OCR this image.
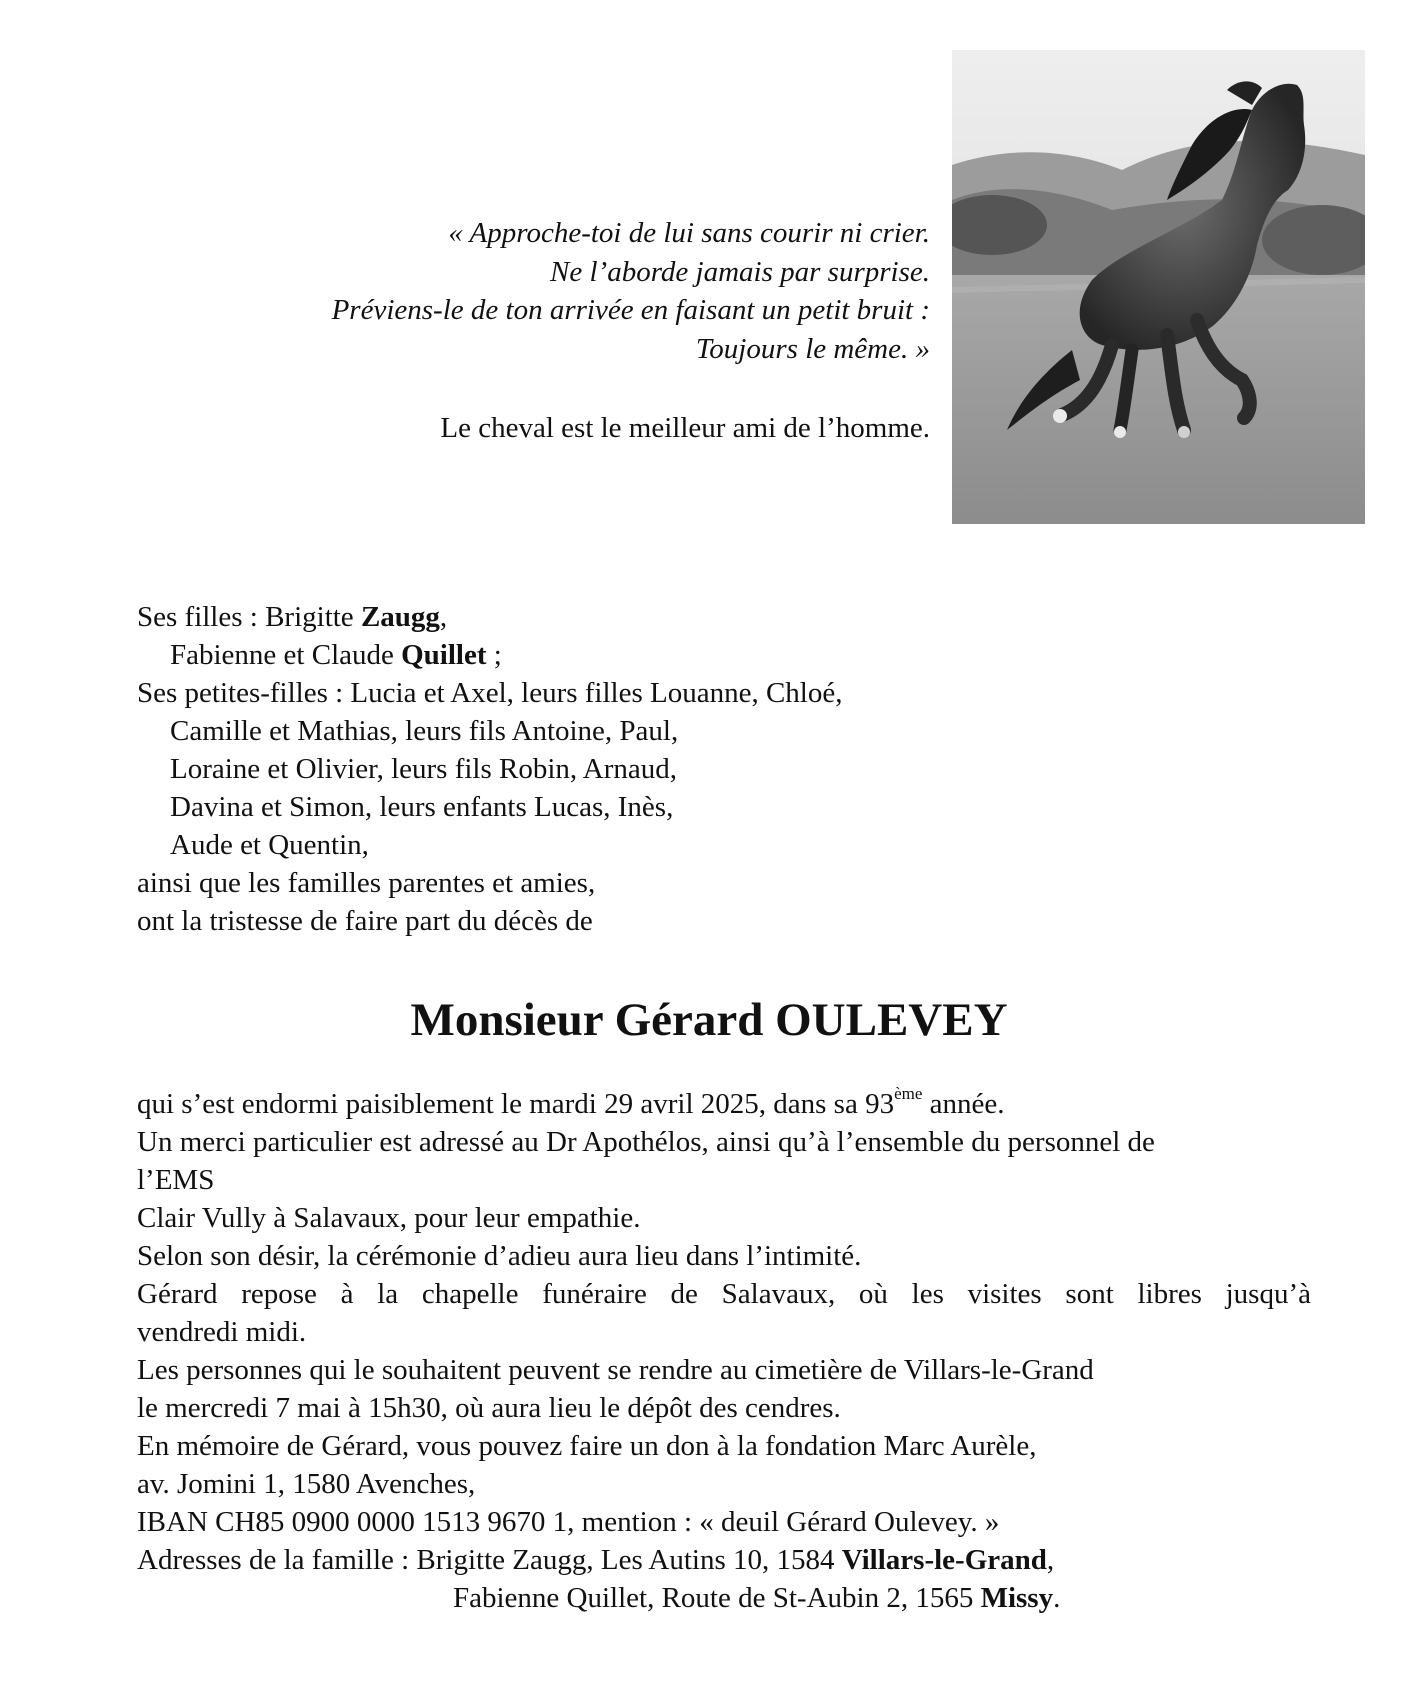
« Approche-toi de lui sans courir ni crier.
Ne l’aborde jamais par surprise.
Préviens-le de ton arrivée en faisant un petit bruit :
Toujours le même. »
Le cheval est le meilleur ami de l’homme.
Ses filles : Brigitte Zaugg,
Fabienne et Claude Quillet ;
Ses petites-filles : Lucia et Axel, leurs filles Louanne, Chloé,
Camille et Mathias, leurs fils Antoine, Paul,
Loraine et Olivier, leurs fils Robin, Arnaud,
Davina et Simon, leurs enfants Lucas, Inès,
Aude et Quentin,
ainsi que les familles parentes et amies,
ont la tristesse de faire part du décès de
Monsieur Gérard OULEVEY
qui s’est endormi paisiblement le mardi 29 avril 2025, dans sa 93ème année.
Un merci particulier est adressé au Dr Apothélos, ainsi qu’à l’ensemble du personnel de
l’EMS
Clair Vully à Salavaux, pour leur empathie.
Selon son désir, la cérémonie d’adieu aura lieu dans l’intimité.
Gérard repose à la chapelle funéraire de Salavaux, où les visites sont libres jusqu’à
vendredi midi.
Les personnes qui le souhaitent peuvent se rendre au cimetière de Villars-le-Grand
le mercredi 7 mai à 15h30, où aura lieu le dépôt des cendres.
En mémoire de Gérard, vous pouvez faire un don à la fondation Marc Aurèle,
av. Jomini 1, 1580 Avenches,
IBAN CH85 0900 0000 1513 9670 1, mention : « deuil Gérard Oulevey. »
Adresses de la famille : Brigitte Zaugg, Les Autins 10, 1584 Villars-le-Grand,
Fabienne Quillet, Route de St-Aubin 2, 1565 Missy.
